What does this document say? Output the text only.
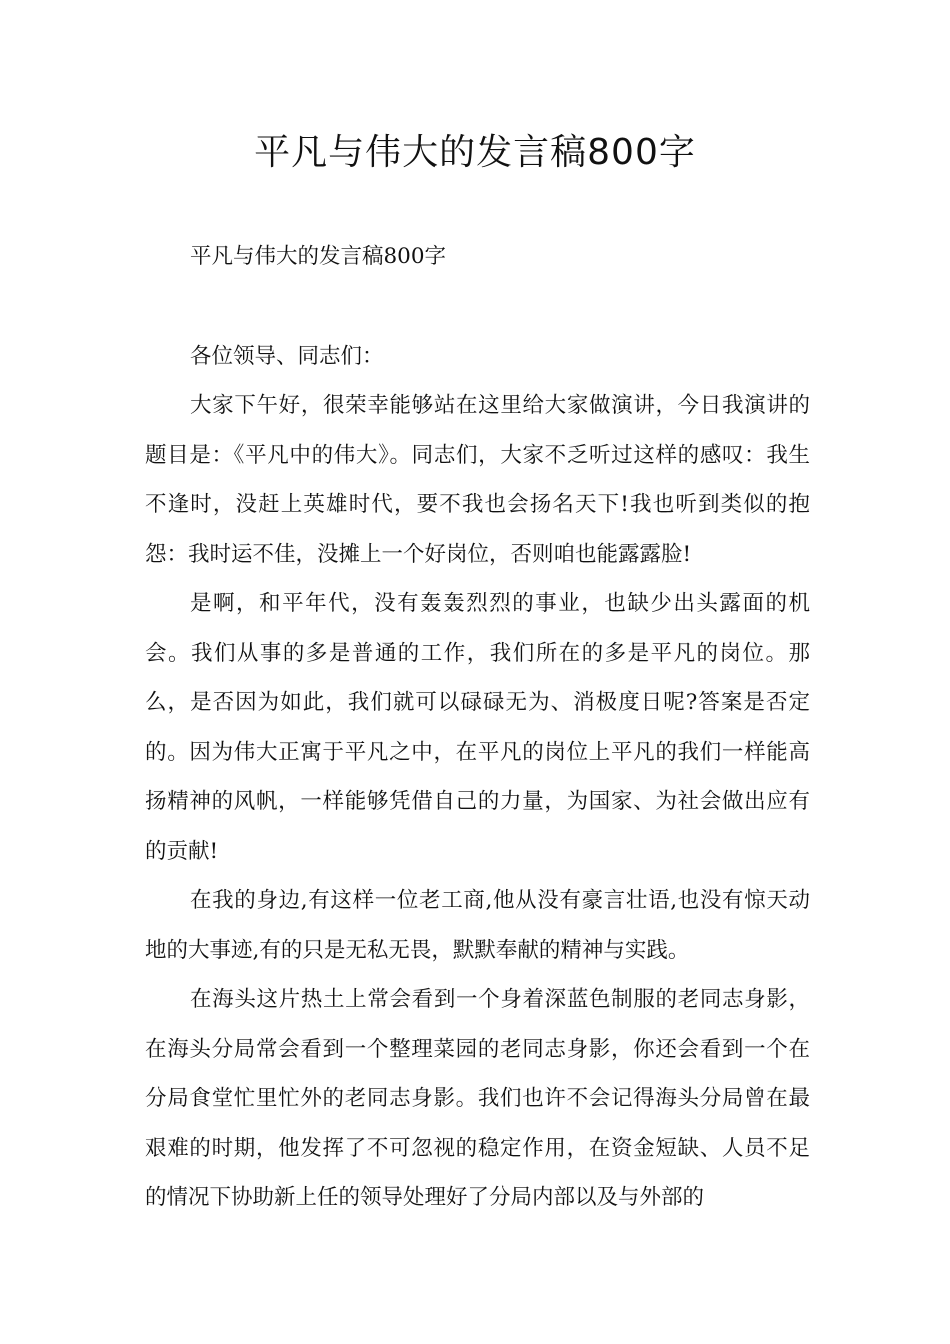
平凡与伟大的发言稿800字

平凡与伟大的发言稿800字

各位领导、同志们：

大家下午好，很荣幸能够站在这里给大家做演讲，今日我演讲的题目是：《平凡中的伟大》。同志们，大家不乏听过这样的感叹：我生不逢时，没赶上英雄时代，要不我也会扬名天下!我也听到类似的抱怨：我时运不佳，没摊上一个好岗位，否则咱也能露露脸!

是啊，和平年代，没有轰轰烈烈的事业，也缺少出头露面的机会。我们从事的多是普通的工作，我们所在的多是平凡的岗位。那么，是否因为如此，我们就可以碌碌无为、消极度日呢?答案是否定的。因为伟大正寓于平凡之中，在平凡的岗位上平凡的我们一样能高扬精神的风帆，一样能够凭借自己的力量，为国家、为社会做出应有的贡献!

在我的身边,有这样一位老工商,他从没有豪言壮语,也没有惊天动地的大事迹,有的只是无私无畏，默默奉献的精神与实践。

在海头这片热土上常会看到一个身着深蓝色制服的老同志身影，在海头分局常会看到一个整理菜园的老同志身影，你还会看到一个在分局食堂忙里忙外的老同志身影。我们也许不会记得海头分局曾在最艰难的时期，他发挥了不可忽视的稳定作用，在资金短缺、人员不足的情况下协助新上任的领导处理好了分局内部以及与外部的
